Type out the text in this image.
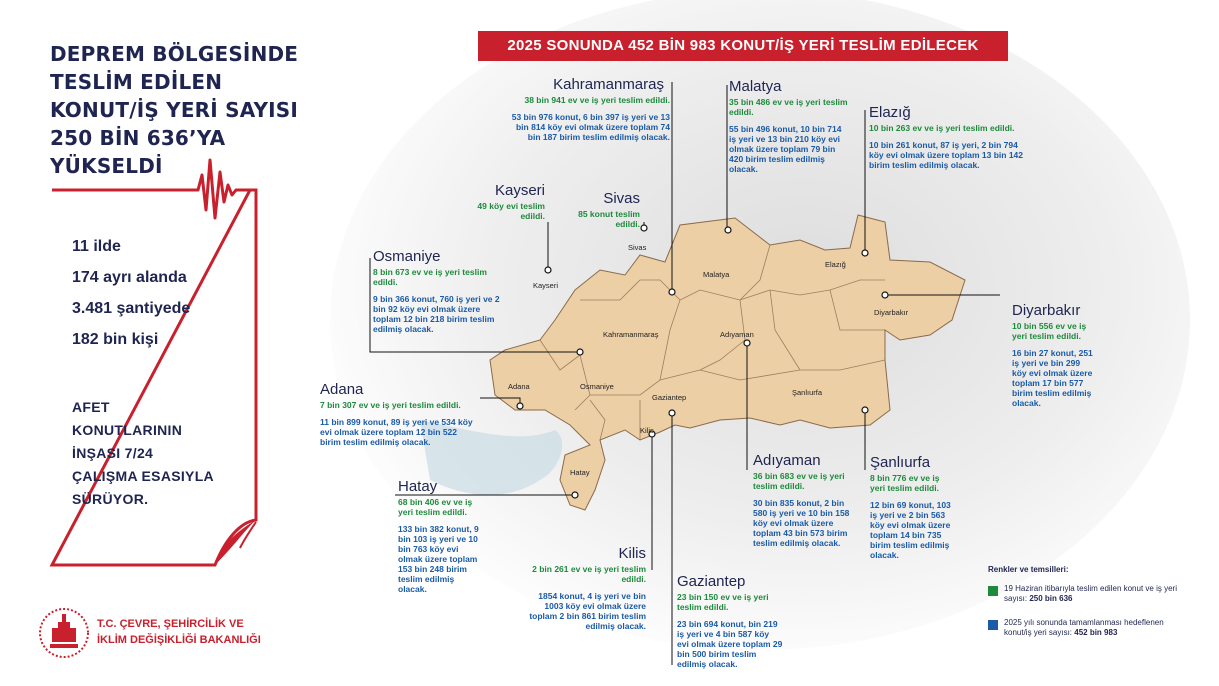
Sivas
Kayseri
Malatya
Elazığ
Diyarbakır
Kahramanmaraş	Adıyaman
Adana	Osmaniye
Gaziantep
Şanlıurfa
Kilis
Hatay
DEPREM BÖLGESİNDE
TESLİM EDİLEN
KONUT/İŞ YERİ SAYISI
250 BİN 636’YA
YÜKSELDİ
11 ilde
174 ayrı alanda
3.481 şantiyede
182 bin kişi
AFET
KONUTLARININ
İNŞASI 7/24
ÇALIŞMA ESASIYLA
SÜRÜYOR.
T.C. ÇEVRE, ŞEHİRCİLİK VE
İKLİM DEĞİŞİKLİĞİ BAKANLIĞI
2025 SONUNDA 452 BİN 983 KONUT/İŞ YERİ TESLİM EDİLECEK
Kahramanmaraş
38 bin 941 ev ve iş yeri teslim edildi.
53 bin 976 konut, 6 bin 397 iş yeri ve 13 bin 814 köy evi olmak üzere toplam 74 bin 187 birim teslim edilmiş olacak.
Malatya
35 bin 486 ev ve iş yeri teslim edildi.
55 bin 496 konut, 10 bin 714 iş yeri ve 13 bin 210 köy evi olmak üzere toplam 79 bin 420 birim teslim edilmiş olacak.
Elazığ
10 bin 263 ev ve iş yeri teslim edildi.
10 bin 261 konut, 87 iş yeri, 2 bin 794 köy evi olmak üzere toplam 13 bin 142 birim teslim edilmiş olacak.
Kayseri
49 köy evi teslim edildi.
Sivas
85 konut teslim edildi.
Osmaniye
8 bin 673 ev ve iş yeri teslim edildi.
9 bin 366 konut, 760 iş yeri ve 2 bin 92 köy evi olmak üzere toplam 12 bin 218 birim teslim edilmiş olacak.
Diyarbakır
10 bin 556 ev ve iş yeri teslim edildi.
16 bin 27 konut, 251 iş yeri ve bin 299 köy evi olmak üzere toplam 17 bin 577 birim teslim edilmiş olacak.
Adana
7 bin 307 ev ve iş yeri teslim edildi.
11 bin 899 konut, 89 iş yeri ve 534 köy evi olmak üzere toplam 12 bin 522 birim teslim edilmiş olacak.
Adıyaman
36 bin 683 ev ve iş yeri teslim edildi.
30 bin 835 konut, 2 bin 580 iş yeri ve 10 bin 158 köy evi olmak üzere toplam 43 bin 573 birim teslim edilmiş olacak.
Şanlıurfa
8 bin 776 ev ve iş yeri teslim edildi.
12 bin 69 konut, 103 iş yeri ve 2 bin 563 köy evi olmak üzere toplam 14 bin 735 birim teslim edilmiş olacak.
Hatay
68 bin 406 ev ve iş yeri teslim edildi.
133 bin 382 konut, 9 bin 103 iş yeri ve 10 bin 763 köy evi olmak üzere toplam 153 bin 248 birim teslim edilmiş olacak.
Kilis
2 bin 261 ev ve iş yeri teslim edildi.
1854 konut, 4 iş yeri ve bin 1003 köy evi olmak üzere toplam 2 bin 861 birim teslim edilmiş olacak.
Gaziantep
23 bin 150 ev ve iş yeri teslim edildi.
23 bin 694 konut, bin 219 iş yeri ve 4 bin 587 köy evi olmak üzere toplam 29 bin 500 birim teslim edilmiş olacak.
Renkler ve temsilleri:
19 Haziran itibarıyla teslim edilen konut ve iş yeri sayısı: 250 bin 636
2025 yılı sonunda tamamlanması hedeflenen konut/iş yeri sayısı: 452 bin 983
